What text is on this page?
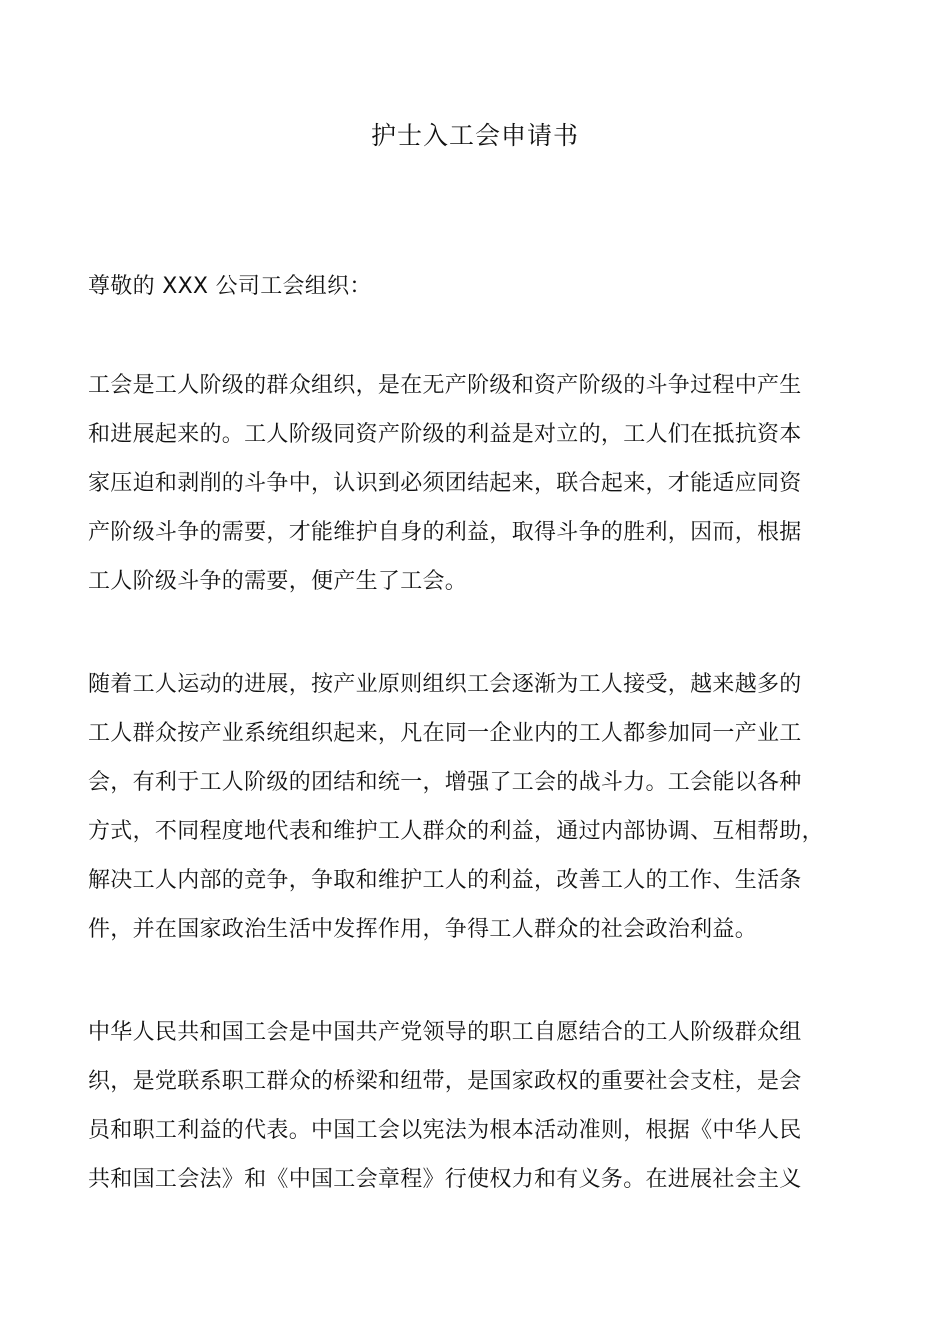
护士入工会申请书
尊敬的 XXX 公司工会组织：
工会是工人阶级的群众组织，是在无产阶级和资产阶级的斗争过程中产生
和进展起来的。工人阶级同资产阶级的利益是对立的，工人们在抵抗资本
家压迫和剥削的斗争中，认识到必须团结起来，联合起来，才能适应同资
产阶级斗争的需要，才能维护自身的利益，取得斗争的胜利，因而，根据
工人阶级斗争的需要，便产生了工会。
随着工人运动的进展，按产业原则组织工会逐渐为工人接受，越来越多的
工人群众按产业系统组织起来，凡在同一企业内的工人都参加同一产业工
会，有利于工人阶级的团结和统一，增强了工会的战斗力。工会能以各种
方式，不同程度地代表和维护工人群众的利益，通过内部协调、互相帮助，
解决工人内部的竞争，争取和维护工人的利益，改善工人的工作、生活条
件，并在国家政治生活中发挥作用，争得工人群众的社会政治利益。
中华人民共和国工会是中国共产党领导的职工自愿结合的工人阶级群众组
织，是党联系职工群众的桥梁和纽带，是国家政权的重要社会支柱，是会
员和职工利益的代表。中国工会以宪法为根本活动准则，根据《中华人民
共和国工会法》和《中国工会章程》行使权力和有义务。在进展社会主义
